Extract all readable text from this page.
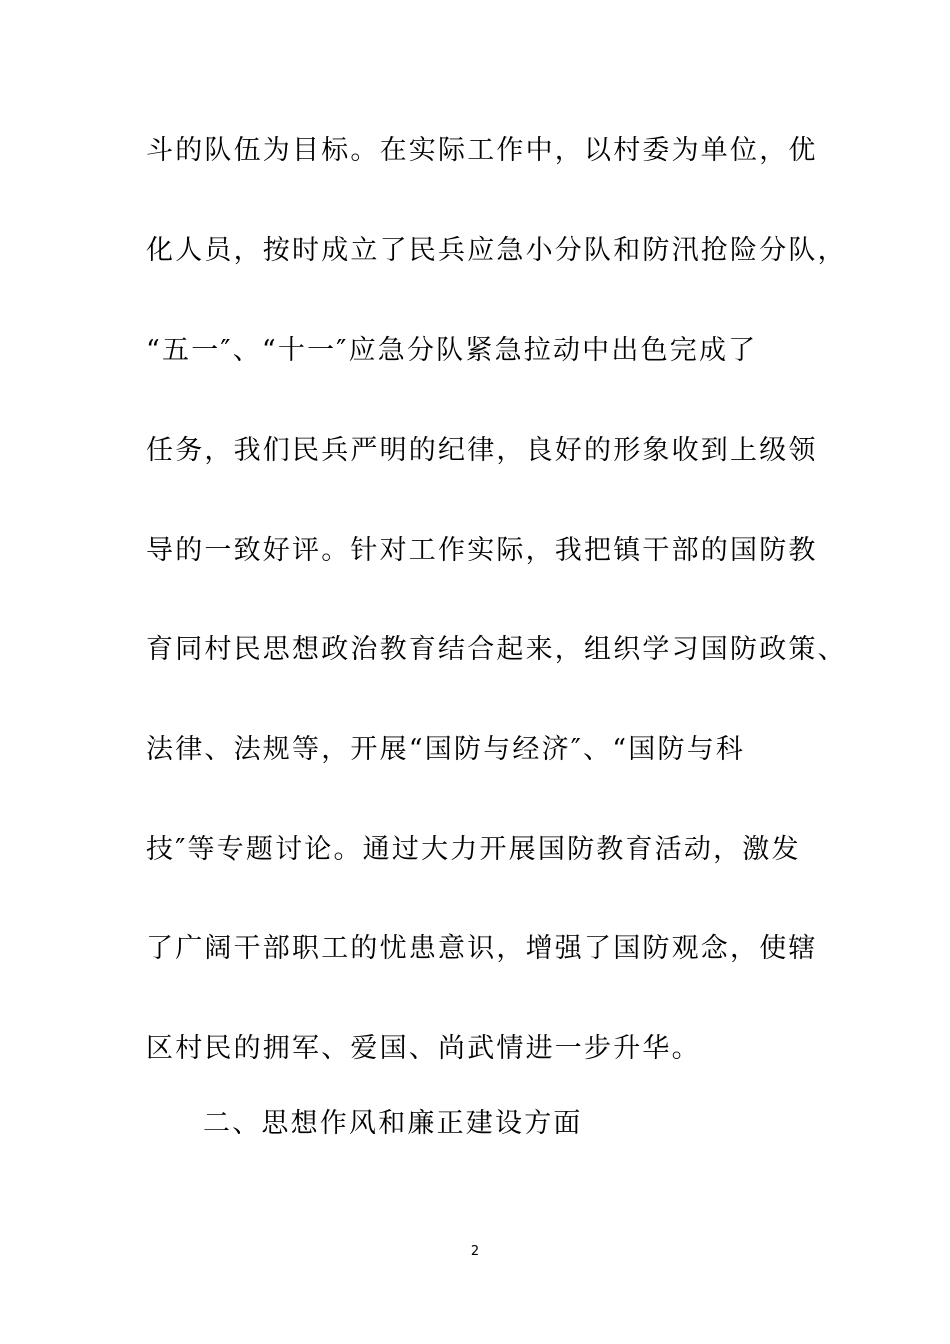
斗的队伍为目标。在实际工作中，以村委为单位，优
化人员，按时成立了民兵应急小分队和防汛抢险分队，
“五一″、“十一″应急分队紧急拉动中出色完成了
任务，我们民兵严明的纪律，良好的形象收到上级领
导的一致好评。针对工作实际，我把镇干部的国防教
育同村民思想政治教育结合起来，组织学习国防政策、
法律、法规等，开展“国防与经济″、“国防与科
技″等专题讨论。通过大力开展国防教育活动，激发
了广阔干部职工的忧患意识，增强了国防观念，使辖
区村民的拥军、爱国、尚武情进一步升华。
二、思想作风和廉正建设方面
2
